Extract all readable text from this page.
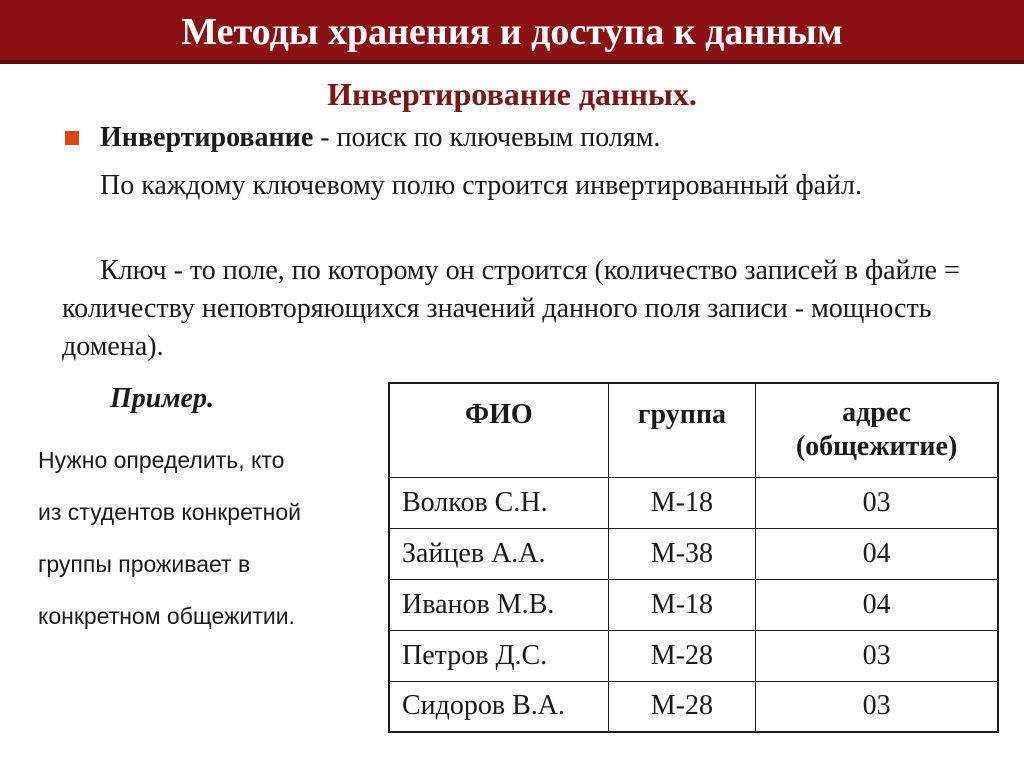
Методы хранения и доступа к данным
Инвертирование данных.
Инвертирование - поиск по ключевым полям.
По каждому ключевому полю строится инвертированный файл.
Ключ - то поле, по которому он строится (количество записей в файле = количеству неповторяющихся значений данного поля записи - мощность домена).
Пример.
Нужно определить, кто
из студентов конкретной
группы проживает в
конкретном общежитии.
ФИО	группа	адрес
(общежитие)
Волков С.Н.	М-18	03
Зайцев А.А.	М-38	04
Иванов М.В.	М-18	04
Петров Д.С.	М-28	03
Сидоров В.А.	М-28	03
